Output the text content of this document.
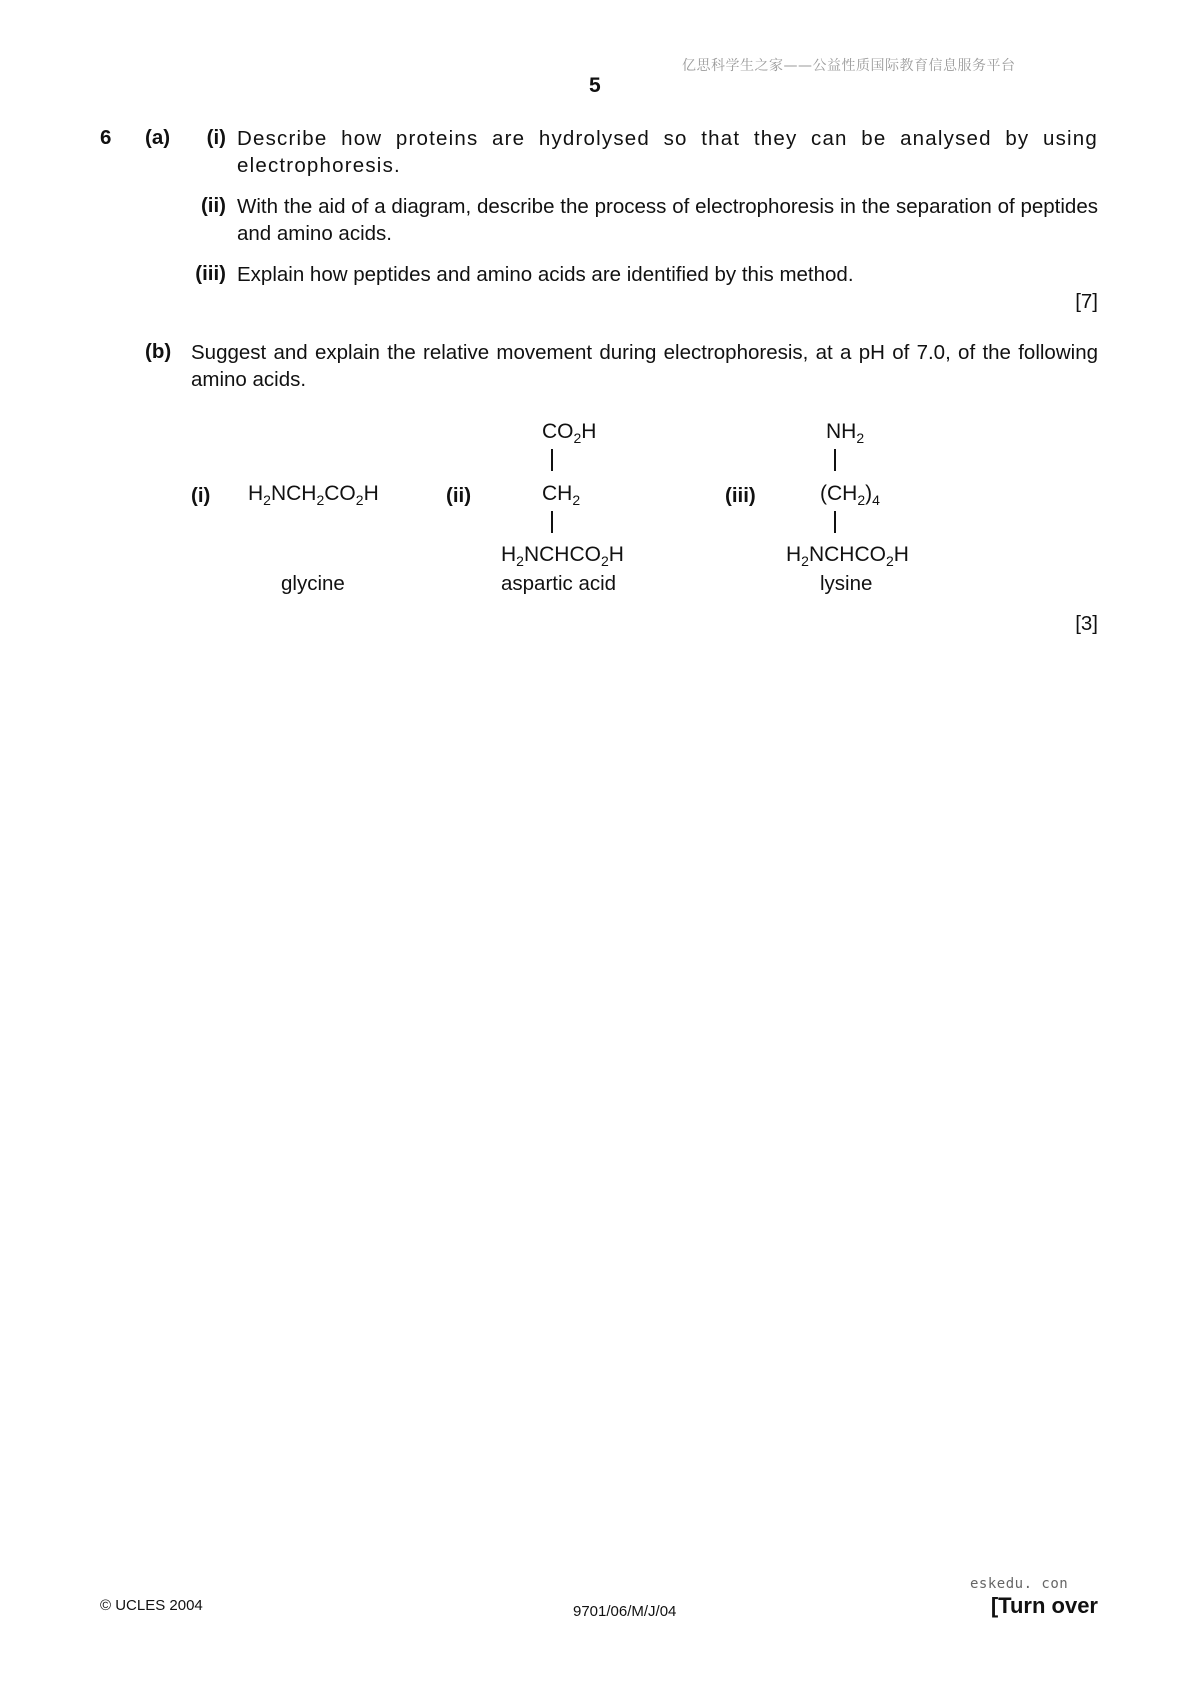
亿思科学生之家——公益性质国际教育信息服务平台
5
6 (a)	(i) Describe how proteins are hydrolysed so that they can be analysed by using electrophoresis.
(ii) With the aid of a diagram, describe the process of electrophoresis in the separation of peptides and amino acids.
(iii) Explain how peptides and amino acids are identified by this method.
[7]
(b) Suggest and explain the relative movement during electrophoresis, at a pH of 7.0, of the following amino acids.
(i) $H_2NCH_2CO_2H$
glycine
(ii)
$CO_2H$
$CH_2$
$H_2NCHCO_2H$
aspartic acid
(iii)
$NH_2$
$(CH_2)_4$
$H_2NCHCO_2H$
lysine
[3]
© UCLES 2004	9701/06/M/J/04
eskedu. con
[Turn over
